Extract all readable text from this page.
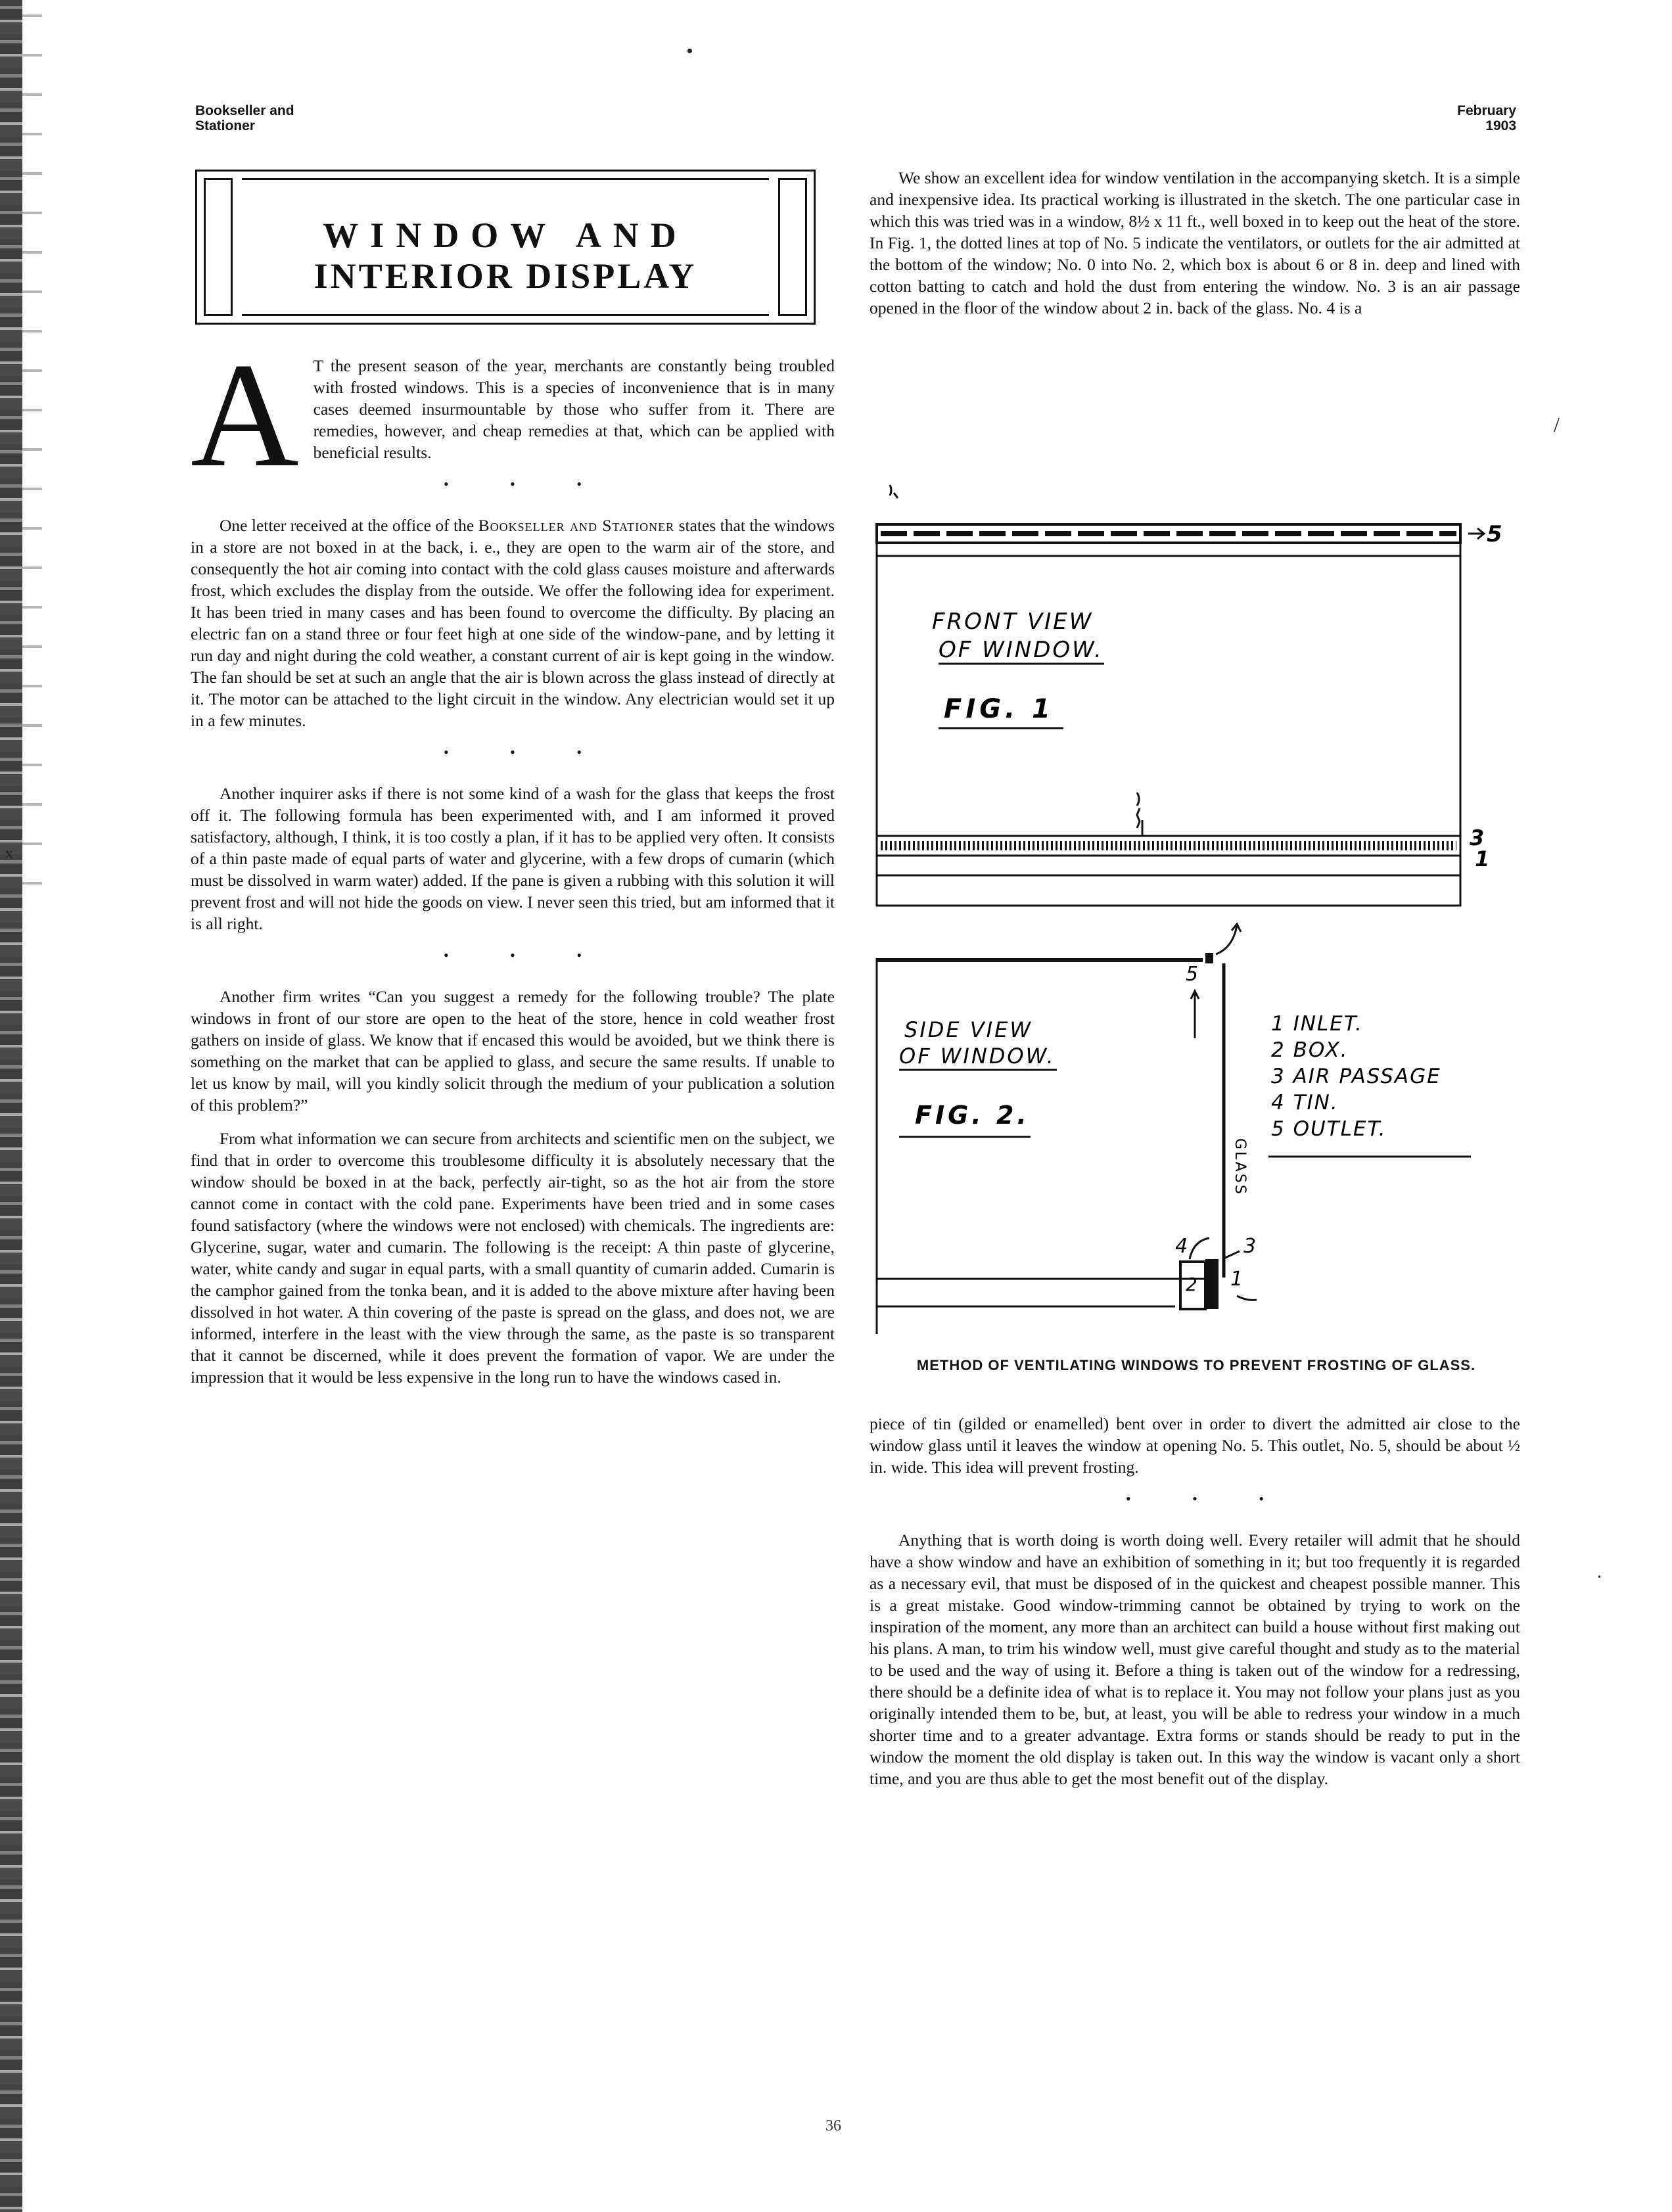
Bookseller and
Stationer
February
1903
WINDOW AND
INTERIOR DISPLAY

A T the present season of the year, merchants are constantly being troubled with frosted windows. This is a species of inconvenience that is in many cases deemed insurmountable by those who suffer from it. There are remedies, however, and cheap remedies at that, which can be applied with beneficial results.

• • •

One letter received at the office of the Bookseller and Stationer states that the windows in a store are not boxed in at the back, i. e., they are open to the warm air of the store, and consequently the hot air coming into contact with the cold glass causes moisture and afterwards frost, which excludes the display from the outside. We offer the following idea for experiment. It has been tried in many cases and has been found to overcome the difficulty. By placing an electric fan on a stand three or four feet high at one side of the window-pane, and by letting it run day and night during the cold weather, a constant current of air is kept going in the window. The fan should be set at such an angle that the air is blown across the glass instead of directly at it. The motor can be attached to the light circuit in the window. Any electrician would set it up in a few minutes.

• • •

Another inquirer asks if there is not some kind of a wash for the glass that keeps the frost off it. The following formula has been experimented with, and I am informed it proved satisfactory, although, I think, it is too costly a plan, if it has to be applied very often. It consists of a thin paste made of equal parts of water and glycerine, with a few drops of cumarin (which must be dissolved in warm water) added. If the pane is given a rubbing with this solution it will prevent frost and will not hide the goods on view. I never seen this tried, but am informed that it is all right.

• • •

Another firm writes “Can you suggest a remedy for the following trouble? The plate windows in front of our store are open to the heat of the store, hence in cold weather frost gathers on inside of glass. We know that if encased this would be avoided, but we think there is something on the market that can be applied to glass, and secure the same results. If unable to let us know by mail, will you kindly solicit through the medium of your publication a solution of this problem?”

From what information we can secure from architects and scientific men on the subject, we find that in order to overcome this troublesome difficulty it is absolutely necessary that the window should be boxed in at the back, perfectly air-tight, so as the hot air from the store cannot come in contact with the cold pane. Experiments have been tried and in some cases found satisfactory (where the windows were not enclosed) with chemicals. The ingredients are: Glycerine, sugar, water and cumarin. The following is the receipt: A thin paste of glycerine, water, white candy and sugar in equal parts, with a small quantity of cumarin added. Cumarin is the camphor gained from the tonka bean, and it is added to the above mixture after having been dissolved in hot water. A thin covering of the paste is spread on the glass, and does not, we are informed, interfere in the least with the view through the same, as the paste is so transparent that it cannot be discerned, while it does prevent the formation of vapor. We are under the impression that it would be less expensive in the long run to have the windows cased in.

We show an excellent idea for window ventilation in the accompanying sketch. It is a simple and inexpensive idea. Its practical working is illustrated in the sketch. The one particular case in which this was tried was in a window, 8½ x 11 ft., well boxed in to keep out the heat of the store. In Fig. 1, the dotted lines at top of No. 5 indicate the ventilators, or outlets for the air admitted at the bottom of the window; No. 0 into No. 2, which box is about 6 or 8 in. deep and lined with cotton batting to catch and hold the dust from entering the window. No. 3 is an air passage opened in the floor of the window about 2 in. back of the glass. No. 4 is a

FRONT VIEW
OF WINDOW.
FIG. 1
5
3
1
5
GLASS
2
4	3
1
SIDE VIEW
OF WINDOW.
FIG. 2.
1 INLET.
2 BOX.
3 AIR PASSAGE
4 TIN.
5 OUTLET.
METHOD OF VENTILATING WINDOWS TO PREVENT FROSTING OF GLASS.

piece of tin (gilded or enamelled) bent over in order to divert the admitted air close to the window glass until it leaves the window at opening No. 5. This outlet, No. 5, should be about ½ in. wide. This idea will prevent frosting.

• • •

Anything that is worth doing is worth doing well. Every retailer will admit that he should have a show window and have an exhibition of something in it; but too frequently it is regarded as a necessary evil, that must be disposed of in the quickest and cheapest possible manner. This is a great mistake. Good window-trimming cannot be obtained by trying to work on the inspiration of the moment, any more than an architect can build a house without first making out his plans. A man, to trim his window well, must give careful thought and study as to the material to be used and the way of using it. Before a thing is taken out of the window for a redressing, there should be a definite idea of what is to replace it. You may not follow your plans just as you originally intended them to be, but, at least, you will be able to redress your window in a much shorter time and to a greater advantage. Extra forms or stands should be ready to put in the window the moment the old display is taken out. In this way the window is vacant only a short time, and you are thus able to get the most benefit out of the display.

36
/
⸳
ˣ
